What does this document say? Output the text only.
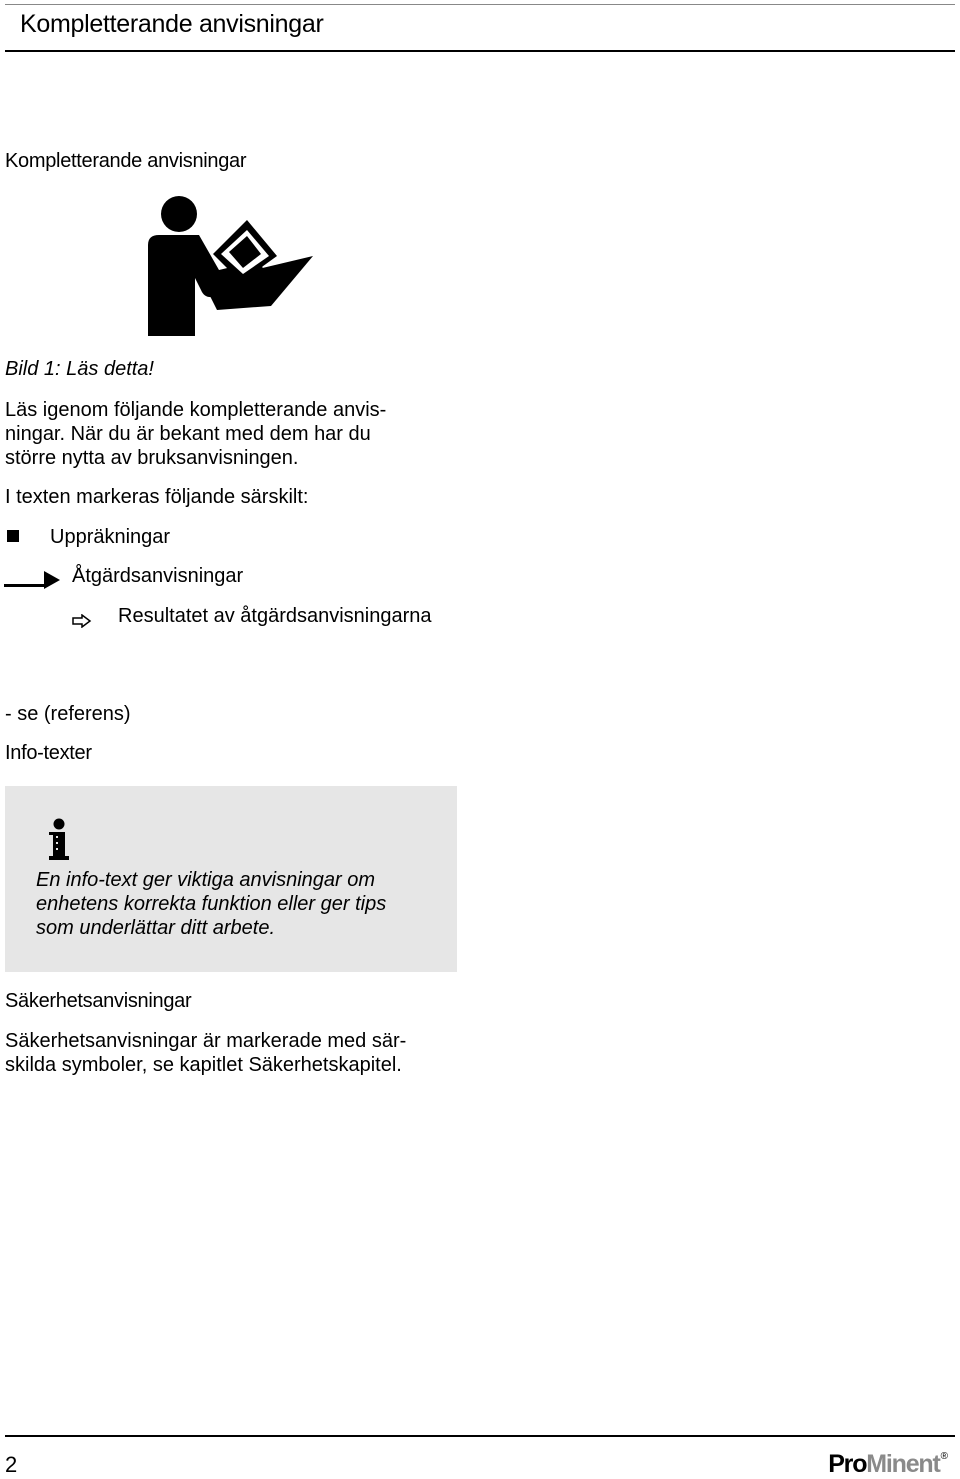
Kompletterande anvisningar
Kompletterande anvisningar
Bild 1: Läs detta!
Läs igenom följande kompletterande anvis-
ningar. När du är bekant med dem har du
större nytta av bruksanvisningen.
I texten markeras följande särskilt:
Uppräkningar
Åtgärdsanvisningar
Resultatet av åtgärdsanvisningarna
- se (referens)
Info-texter
En info-text ger viktiga anvisningar om
enhetens korrekta funktion eller ger tips
som underlättar ditt arbete.
Säkerhetsanvisningar
Säkerhetsanvisningar är markerade med sär-
skilda symboler, se kapitlet Säkerhetskapitel.
2	ProMinent®
